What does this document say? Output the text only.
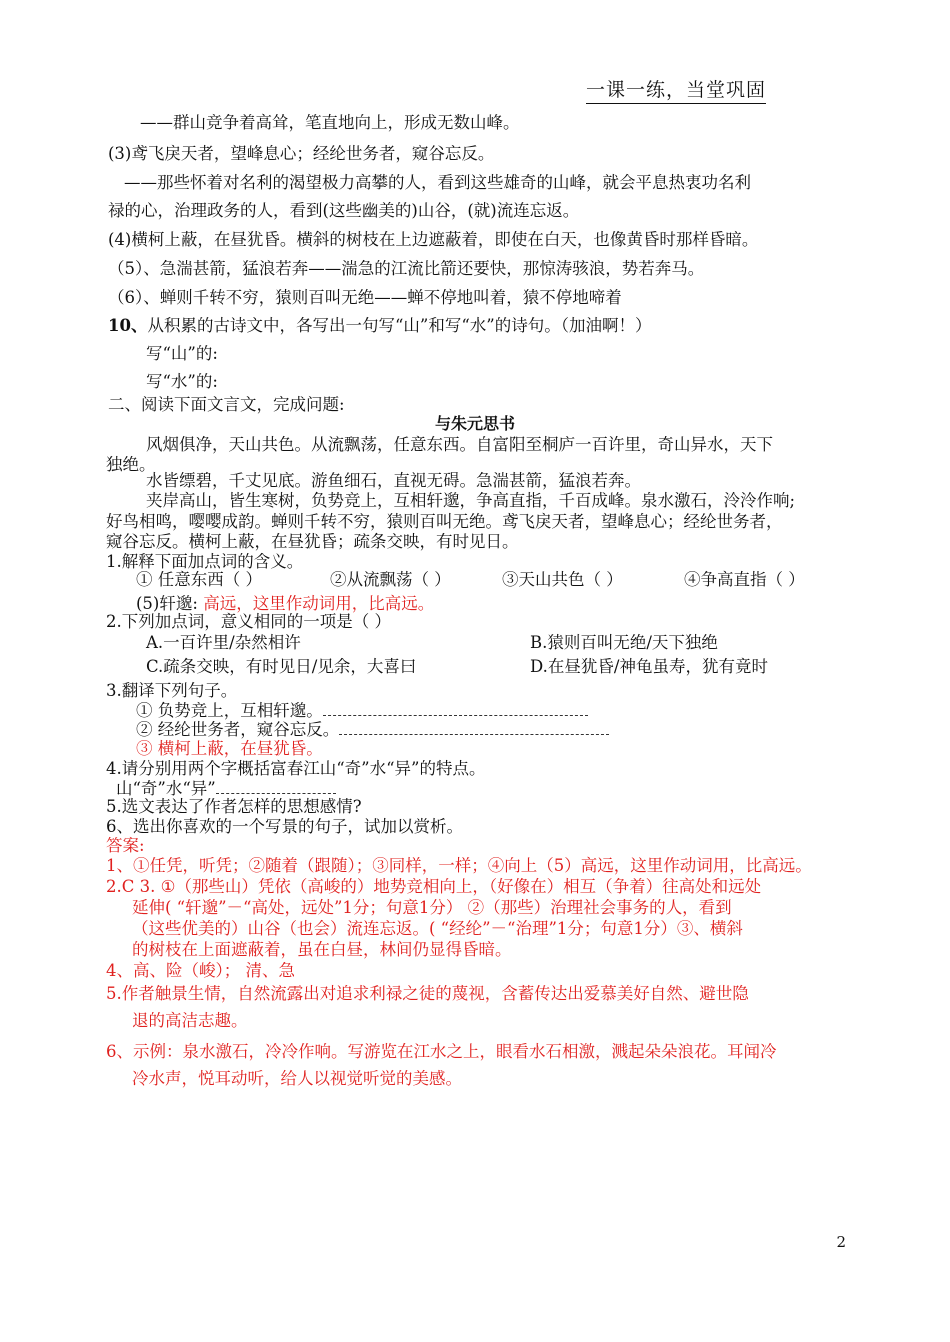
一课一练，当堂巩固
——群山竞争着高耸，笔直地向上，形成无数山峰。
(3)鸢飞戾天者，望峰息心；经纶世务者，窥谷忘反。
——那些怀着对名利的渴望极力高攀的人，看到这些雄奇的山峰，就会平息热衷功名利
禄的心，治理政务的人，看到(这些幽美的)山谷，(就)流连忘返。
(4)横柯上蔽，在昼犹昏。横斜的树枝在上边遮蔽着，即使在白天，也像黄昏时那样昏暗。
（5）、急湍甚箭，猛浪若奔——湍急的江流比箭还要快，那惊涛骇浪，势若奔马。
（6）、蝉则千转不穷，猿则百叫无绝——蝉不停地叫着，猿不停地啼着
10、从积累的古诗文中，各写出一句写“山”和写“水”的诗句。（加油啊！）
写“山”的:
写“水”的:
二、阅读下面文言文，完成问题:
与朱元思书
风烟俱净，天山共色。从流飘荡，任意东西。自富阳至桐庐一百许里，奇山异水，天下
独绝。
水皆缥碧，千丈见底。游鱼细石，直视无碍。急湍甚箭，猛浪若奔。
夹岸高山，皆生寒树，负势竞上，互相轩邈，争高直指，千百成峰。泉水激石，泠泠作响;
好鸟相鸣，嘤嘤成韵。蝉则千转不穷，猿则百叫无绝。鸢飞戾天者，望峰息心；经纶世务者，
窥谷忘反。横柯上蔽，在昼犹昏；疏条交映，有时见日。
1.解释下面加点词的含义。
① 任意东西（ ）	②从流飘荡（ ）	③天山共色（ ）	④争高直指（ ）
(5)轩邈: 高远，这里作动词用，比高远。
2.下列加点词，意义相同的一项是（ ）
A.一百许里/杂然相许	B.猿则百叫无绝/天下独绝
C.疏条交映，有时见日/见余，大喜曰	D.在昼犹昏/神龟虽寿，犹有竟时
3.翻译下列句子。
① 负势竞上，互相轩邈。
② 经纶世务者，窥谷忘反。
③ 横柯上蔽，在昼犹昏。
4.请分别用两个字概括富春江山“奇”水“异”的特点。
山“奇”水“异”
5.选文表达了作者怎样的思想感情?
6、选出你喜欢的一个写景的句子，试加以赏析。
答案:
1、①任凭，听凭；②随着（跟随）；③同样，一样；④向上（5）高远，这里作动词用，比高远。
2.C 3. ①（那些山）凭依（高峻的）地势竞相向上，（好像在）相互（争着）往高处和远处
延伸( “轩邈”－“高处，远处”1分；句意1分） ②（那些）治理社会事务的人，看到
（这些优美的）山谷（也会）流连忘返。( “经纶”－“治理”1分；句意1分）③、横斜
的树枝在上面遮蔽着，虽在白昼，林间仍显得昏暗。
4、高、险（峻）； 清、急
5.作者触景生情，自然流露出对追求利禄之徒的蔑视，含蓄传达出爱慕美好自然、避世隐
退的高洁志趣。
6、示例：泉水激石，冷冷作响。写游览在江水之上，眼看水石相激，溅起朵朵浪花。耳闻冷
冷水声，悦耳动听，给人以视觉听觉的美感。
2
